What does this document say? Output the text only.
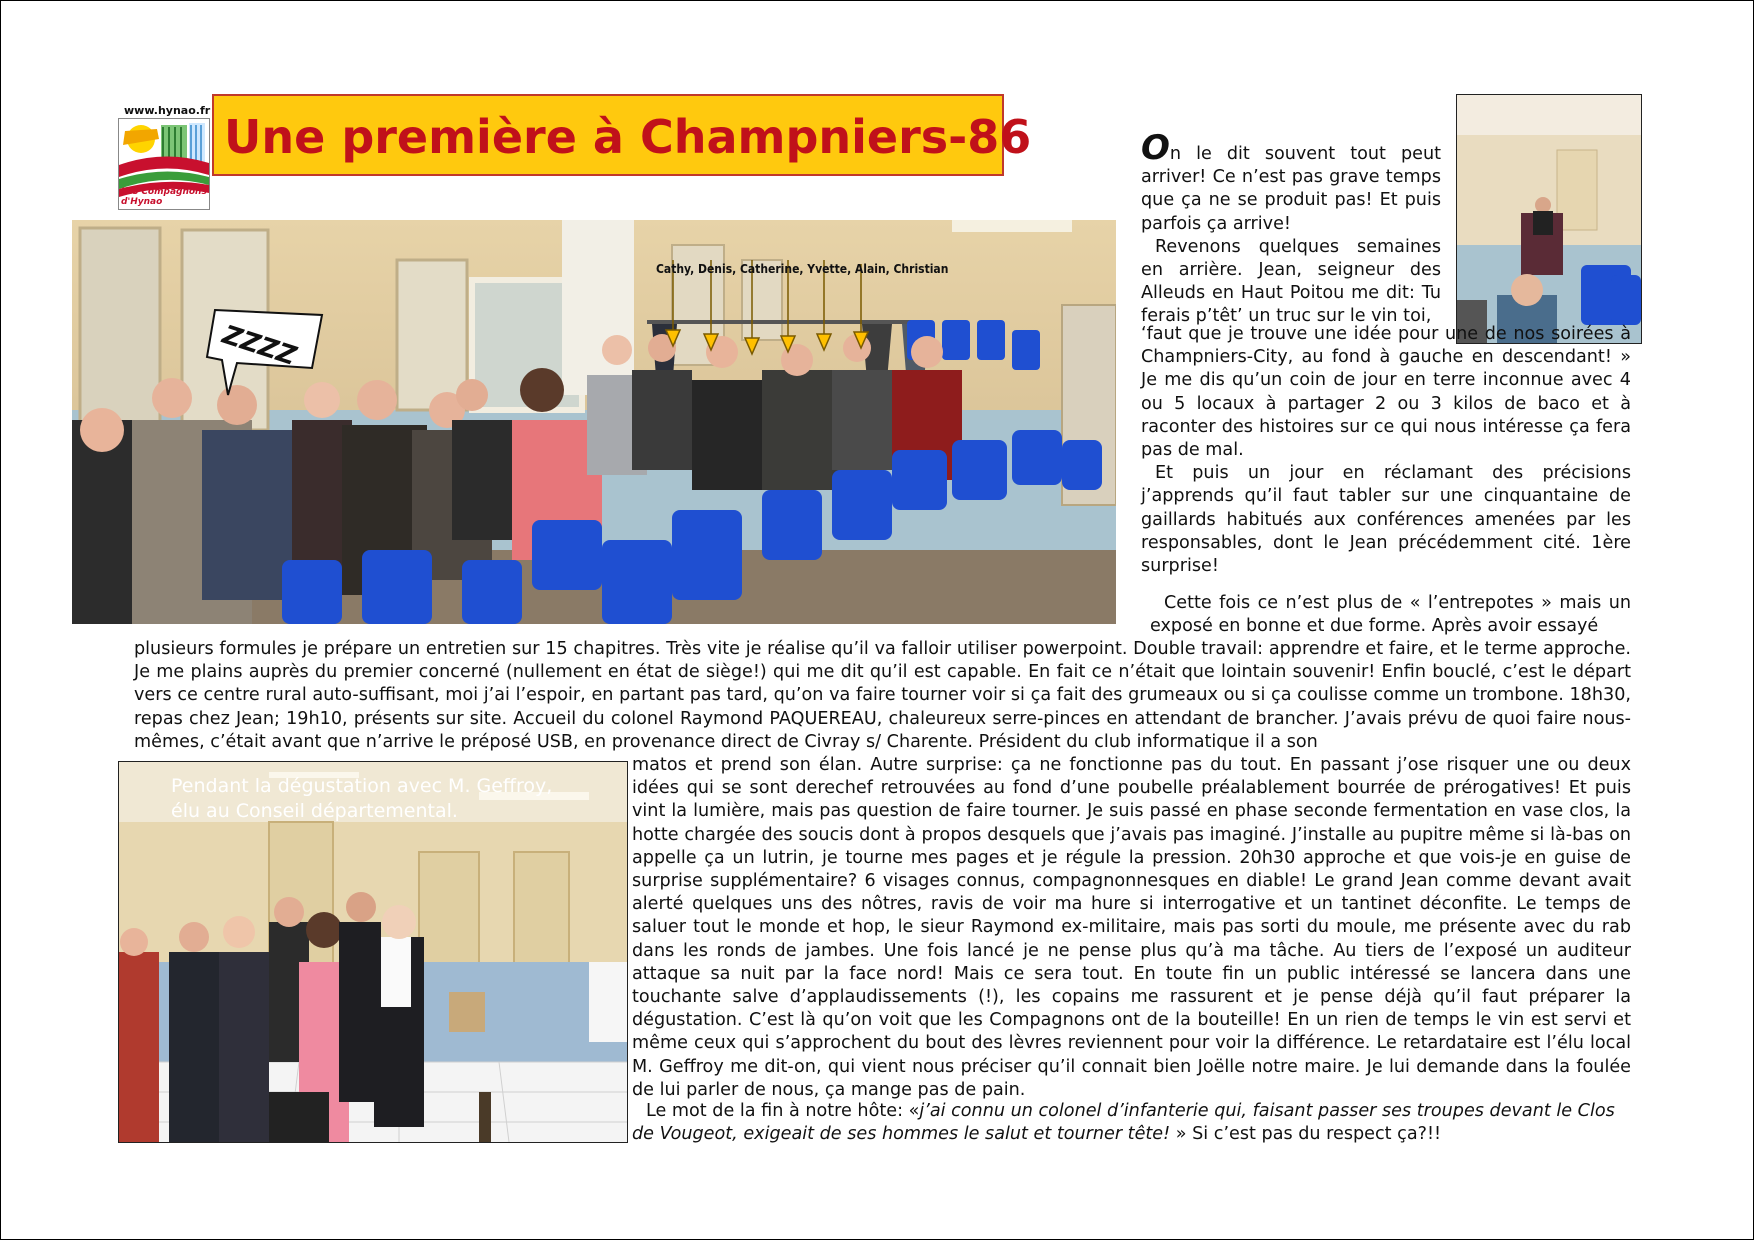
www.hynao.fr
Les Compagnons d'Hynao
Une première à Champniers-86
Cathy, Denis, Catherine, Yvette, Alain, Christian
ZZZZ
Pendant la dégustation avec M. Geffroy,
élu au Conseil départemental.

On le dit souvent tout peut arriver! Ce n’est pas grave temps que ça ne se produit pas! Et puis parfois ça arrive!

Revenons quelques semaines en arrière. Jean, seigneur des Alleuds en Haut Poitou me dit: Tu ferais p’têt’ un truc sur le vin toi,

‘faut que je trouve une idée pour une de nos soirées à Champniers-City, au fond à gauche en descendant! » Je me dis qu’un coin de jour en terre inconnue avec 4 ou 5 locaux à partager 2 ou 3 kilos de baco et à raconter des histoires sur ce qui nous intéresse ça fera pas de mal.

Et puis un jour en réclamant des précisions j’apprends qu’il faut tabler sur une cinquantaine de gaillards habitués aux conférences amenées par les responsables, dont le Jean précédemment cité. 1ère surprise!

Cette fois ce n’est plus de « l’entrepotes » mais un exposé en bonne et due forme. Après avoir essayé
plusieurs formules je prépare un entretien sur 15 chapitres. Très vite je réalise qu’il va falloir utiliser powerpoint. Double travail: apprendre et faire, et le terme approche. Je me plains auprès du premier concerné (nullement en état de siège!) qui me dit qu’il est capable. En fait ce n’était que lointain souvenir! Enfin bouclé, c’est le départ vers ce centre rural auto-suffisant, moi j’ai l’espoir, en partant pas tard, qu’on va faire tourner voir si ça fait des grumeaux ou si ça coulisse comme un trombone. 18h30, repas chez Jean; 19h10, présents sur site. Accueil du colonel Raymond PAQUEREAU, chaleureux serre-pinces en attendant de brancher. J’avais prévu de quoi faire nous-mêmes, c’était avant que n’arrive le préposé USB, en provenance direct de Civray s/ Charente. Président du club informatique il a son

matos et prend son élan. Autre surprise: ça ne fonctionne pas du tout. En passant j’ose risquer une ou deux idées qui se sont derechef retrouvées au fond d’une poubelle préalablement bourrée de prérogatives! Et puis vint la lumière, mais pas question de faire tourner. Je suis passé en phase seconde fermentation en vase clos, la hotte chargée des soucis dont à propos desquels que j’avais pas imaginé. J’installe au pupitre même si là-bas on appelle ça un lutrin, je tourne mes pages et je régule la pression. 20h30 approche et que vois-je en guise de surprise supplémentaire? 6 visages connus, compagnonnesques en diable! Le grand Jean comme devant avait alerté quelques uns des nôtres, ravis de voir ma hure si interrogative et un tantinet déconfite. Le temps de saluer tout le monde et hop, le sieur Raymond ex-militaire, mais pas sorti du moule, me présente avec du rab dans les ronds de jambes. Une fois lancé je ne pense plus qu’à ma tâche. Au tiers de l’exposé un auditeur attaque sa nuit par la face nord! Mais ce sera tout. En toute fin un public intéressé se lancera dans une touchante salve d’applaudissements (!), les copains me rassurent et je pense déjà qu’il faut préparer la dégustation. C’est là qu’on voit que les Compagnons ont de la bouteille! En un rien de temps le vin est servi et même ceux qui s’approchent du bout des lèvres reviennent pour voir la différence. Le retardataire est l’élu local M. Geffroy me dit-on, qui vient nous préciser qu’il connait bien Joëlle notre maire. Je lui demande dans la foulée de lui parler de nous, ça mange pas de pain.

Le mot de la fin à notre hôte: «j’ai connu un colonel d’infanterie qui, faisant passer ses troupes devant le Clos de Vougeot, exigeait de ses hommes le salut et tourner tête! » Si c’est pas du respect ça?!!
